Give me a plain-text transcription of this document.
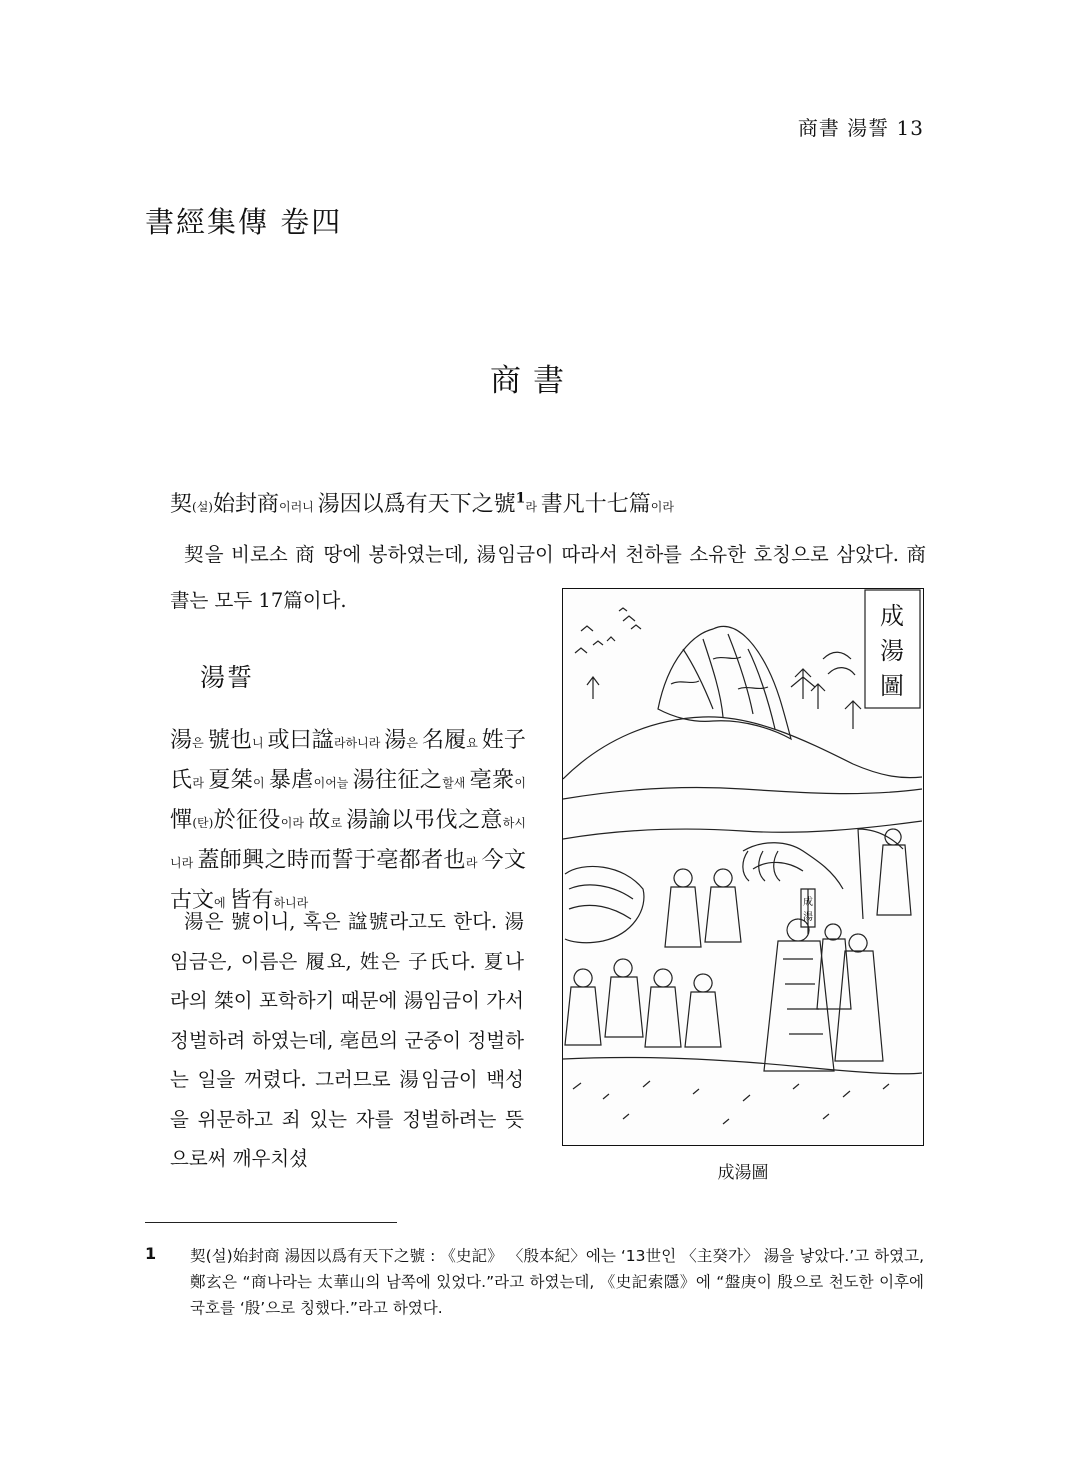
商書 湯誓 13
書經集傳 卷四
商書
契(설)始封商이러니 湯因以爲有天下之號$^1$라 書凡十七篇이라
契을 비로소 商 땅에 봉하였는데, 湯임금이 따라서 천하를 소유한 호칭으로 삼았다. 商書는 모두 17篇이다.
湯誓
湯은 號也니 或曰諡라하니라 湯은 名履요 姓子氏라 夏桀이 暴虐이어늘 湯往征之할새 亳衆이 憚(탄)於征役이라 故로 湯諭以弔伐之意하시니라 蓋師興之時而誓于亳都者也라 今文古文에 皆有하니라
湯은 號이니, 혹은 諡號라고도 한다. 湯임금은, 이름은 履요, 姓은 子氏다. 夏나라의 桀이 포학하기 때문에 湯임금이 가서 정벌하려 하였는데, 亳邑의 군중이 정벌하는 일을 꺼렸다. 그러므로 湯임금이 백성을 위문하고 죄 있는 자를 정벌하려는 뜻으로써 깨우치셨
成
湯
圖
成
湯
成湯圖
1 契(설)始封商 湯因以爲有天下之號 : 《史記》 〈殷本紀〉에는 ‘13世인 〈主癸가〉 湯을 낳았다.’고 하였고, 鄭玄은 “商나라는 太華山의 남쪽에 있었다.”라고 하였는데, 《史記索隱》에 “盤庚이 殷으로 천도한 이후에 국호를 ‘殷’으로 칭했다.”라고 하였다.
